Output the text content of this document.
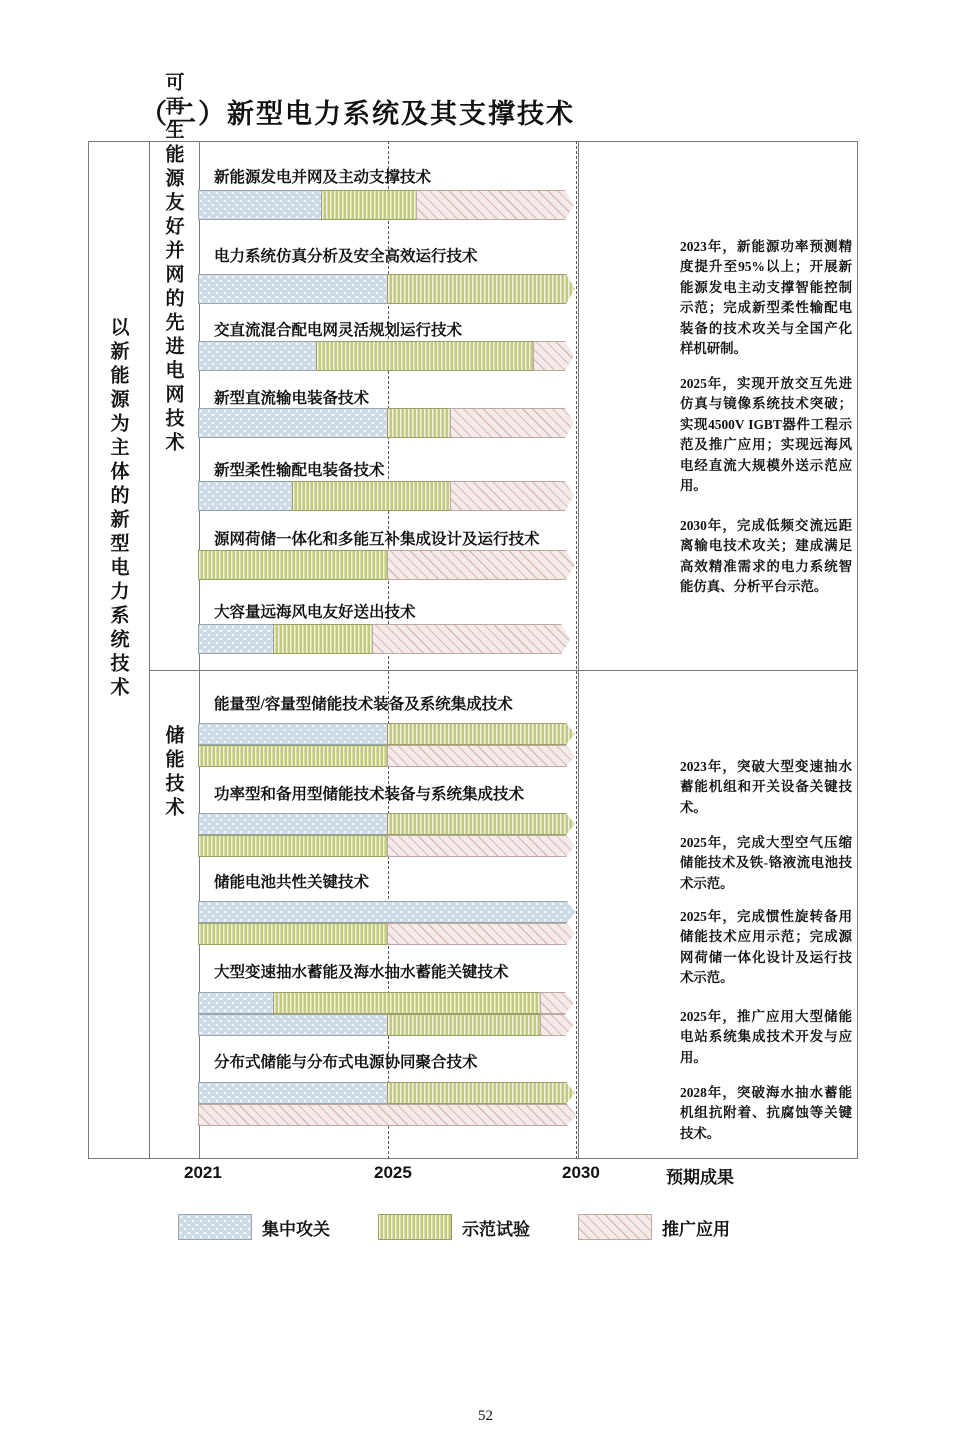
（二）新型电力系统及其支撑技术
以新能源为主体的新型电力系统技术
可再生能源友好并网的先进电网技术
储能技术
新能源发电并网及主动支撑技术
电力系统仿真分析及安全高效运行技术
交直流混合配电网灵活规划运行技术
新型直流输电装备技术
新型柔性输配电装备技术
源网荷储一体化和多能互补集成设计及运行技术
大容量远海风电友好送出技术
能量型/容量型储能技术装备及系统集成技术
功率型和备用型储能技术装备与系统集成技术
储能电池共性关键技术
大型变速抽水蓄能及海水抽水蓄能关键技术
分布式储能与分布式电源协同聚合技术
2023年，新能源功率预测精度提升至95%以上；开展新能源发电主动支撑智能控制示范；完成新型柔性输配电装备的技术攻关与全国产化样机研制。
2025年，实现开放交互先进仿真与镜像系统技术突破；实现4500V IGBT器件工程示范及推广应用；实现远海风电经直流大规模外送示范应用。
2030年，完成低频交流远距离输电技术攻关；建成满足高效精准需求的电力系统智能仿真、分析平台示范。
2023年，突破大型变速抽水蓄能机组和开关设备关键技术。
2025年，完成大型空气压缩储能技术及铁-铬液流电池技术示范。
2025年，完成惯性旋转备用储能技术应用示范；完成源网荷储一体化设计及运行技术示范。
2025年，推广应用大型储能电站系统集成技术开发与应用。
2028年，突破海水抽水蓄能机组抗附着、抗腐蚀等关键技术。
2021	2025	2030	预期成果
集中攻关	示范试验	推广应用
52
